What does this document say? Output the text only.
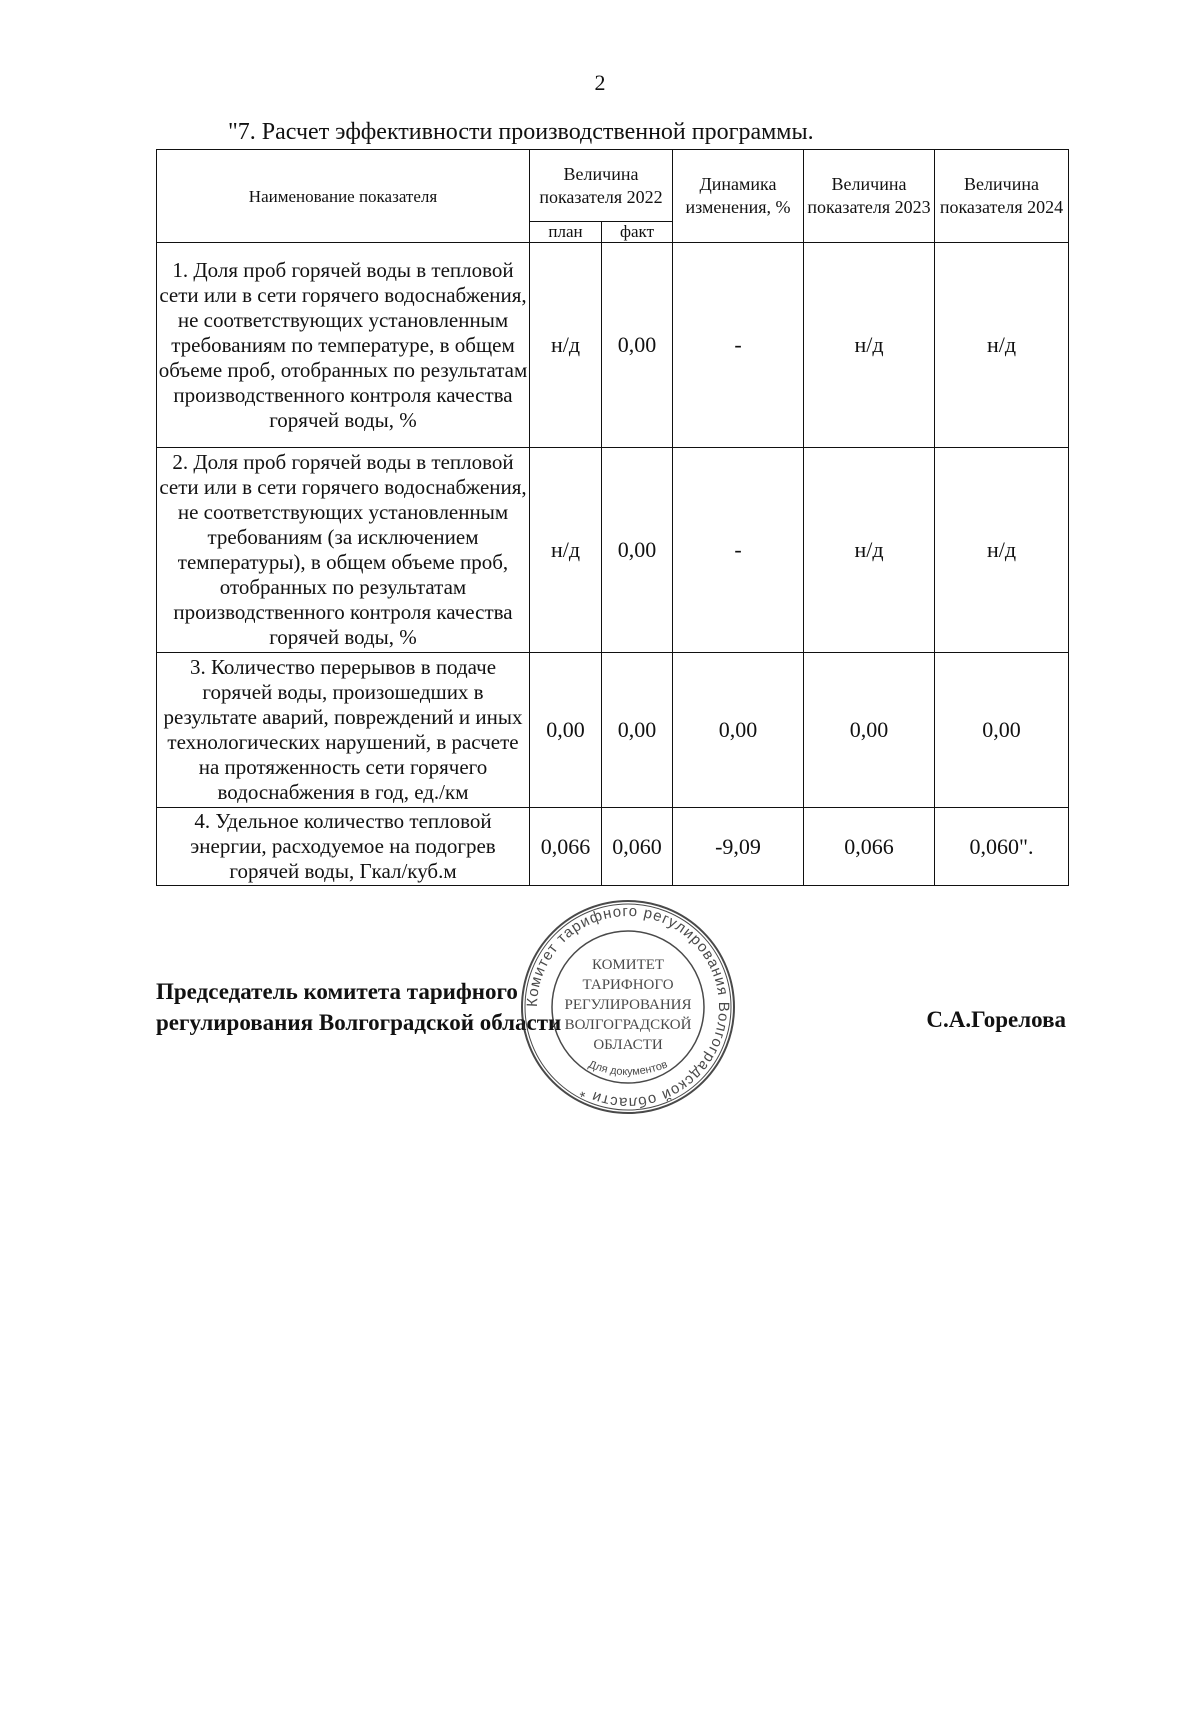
2
"7. Расчет эффективности производственной программы.
Наименование показателя	Величина показателя 2022		Динамика изменения, %	Величина показателя 2023	Величина показателя 2024
	план	факт			
1. Доля проб горячей воды в тепловой сети или в сети горячего водоснабжения, не соответствующих установленным требованиям по температуре, в общем объеме проб, отобранных по результатам производственного контроля качества горячей воды, %	н/д	0,00	-	н/д	н/д
2. Доля проб горячей воды в тепловой сети или в сети горячего водоснабжения, не соответствующих установленным требованиям (за исключением температуры), в общем объеме проб, отобранных по результатам производственного контроля качества горячей воды, %	н/д	0,00	-	н/д	н/д
3. Количество перерывов в подаче горячей воды, произошедших в результате аварий, повреждений и иных технологических нарушений, в расчете на протяженность сети горячего водоснабжения в год, ед./км	0,00	0,00	0,00	0,00	0,00
4. Удельное количество тепловой энергии, расходуемое на подогрев горячей воды, Гкал/куб.м	0,066	0,060	-9,09	0,066	0,060".
Председатель комитета тарифного
регулирования Волгоградской области	С.А.Горелова
Комитет тарифного регулирования Волгоградской области *
КОМИТЕТ
ТАРИФНОГО
РЕГУЛИРОВАНИЯ
ВОЛГОГРАДСКОЙ
ОБЛАСТИ
Для документов
